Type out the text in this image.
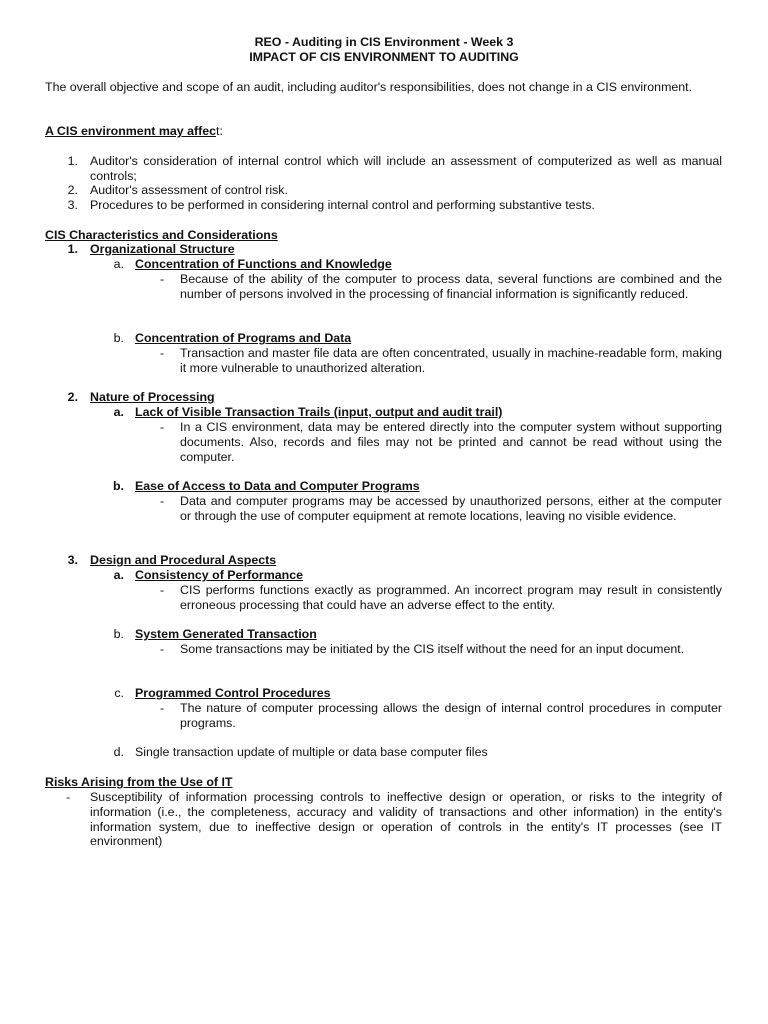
REO - Auditing in CIS Environment - Week 3
IMPACT OF CIS ENVIRONMENT TO AUDITING
The overall objective and scope of an audit, including auditor's responsibilities, does not change in a CIS environment.
A CIS environment may affect:
1. Auditor's consideration of internal control which will include an assessment of computerized as well as manual controls;
2. Auditor's assessment of control risk.
3. Procedures to be performed in considering internal control and performing substantive tests.
CIS Characteristics and Considerations
1. Organizational Structure
a. Concentration of Functions and Knowledge
- Because of the ability of the computer to process data, several functions are combined and the number of persons involved in the processing of financial information is significantly reduced.
b. Concentration of Programs and Data
- Transaction and master file data are often concentrated, usually in machine-readable form, making it more vulnerable to unauthorized alteration.
2. Nature of Processing
a. Lack of Visible Transaction Trails (input, output and audit trail)
- In a CIS environment, data may be entered directly into the computer system without supporting documents. Also, records and files may not be printed and cannot be read without using the computer.
b. Ease of Access to Data and Computer Programs
- Data and computer programs may be accessed by unauthorized persons, either at the computer or through the use of computer equipment at remote locations, leaving no visible evidence.
3. Design and Procedural Aspects
a. Consistency of Performance
- CIS performs functions exactly as programmed. An incorrect program may result in consistently erroneous processing that could have an adverse effect to the entity.
b. System Generated Transaction
- Some transactions may be initiated by the CIS itself without the need for an input document.
c. Programmed Control Procedures
- The nature of computer processing allows the design of internal control procedures in computer programs.
d. Single transaction update of multiple or data base computer files
Risks Arising from the Use of IT
- Susceptibility of information processing controls to ineffective design or operation, or risks to the integrity of information (i.e., the completeness, accuracy and validity of transactions and other information) in the entity's information system, due to ineffective design or operation of controls in the entity's IT processes (see IT environment)
